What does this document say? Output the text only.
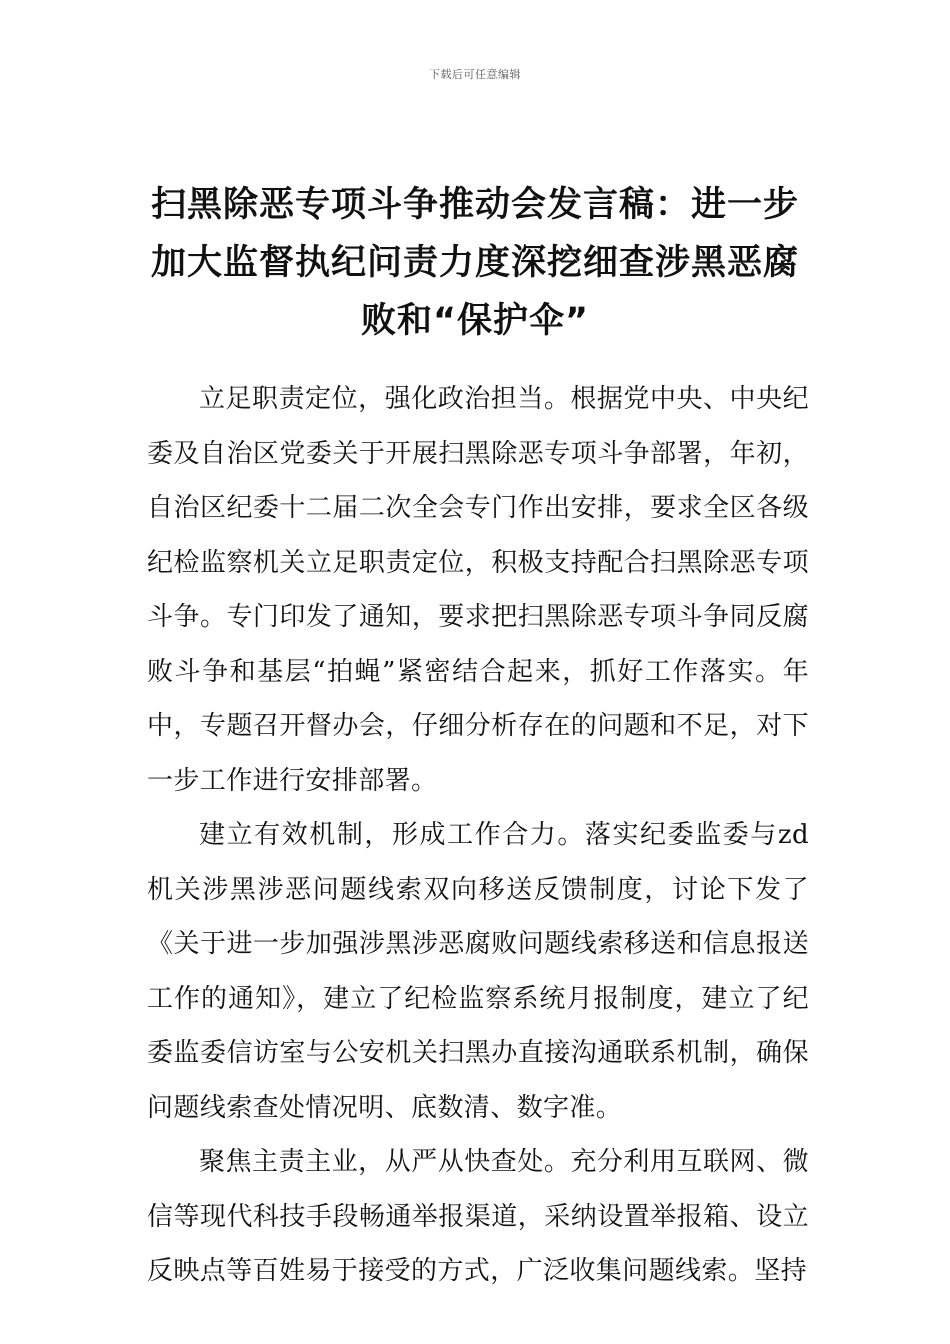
下载后可任意编辑
扫黑除恶专项斗争推动会发言稿：进一步加大监督执纪问责力度深挖细查涉黑恶腐败和“保护伞”

立足职责定位，强化政治担当。根据党中央、中央纪委及自治区党委关于开展扫黑除恶专项斗争部署，年初，自治区纪委十二届二次全会专门作出安排，要求全区各级纪检监察机关立足职责定位，积极支持配合扫黑除恶专项斗争。专门印发了通知，要求把扫黑除恶专项斗争同反腐败斗争和基层“拍蝇”紧密结合起来，抓好工作落实。年中，专题召开督办会，仔细分析存在的问题和不足，对下一步工作进行安排部署。

建立有效机制，形成工作合力。落实纪委监委与zd机关涉黑涉恶问题线索双向移送反馈制度，讨论下发了《关于进一步加强涉黑涉恶腐败问题线索移送和信息报送工作的通知》，建立了纪检监察系统月报制度，建立了纪委监委信访室与公安机关扫黑办直接沟通联系机制，确保问题线索查处情况明、底数清、数字准。

聚焦主责主业，从严从快查处。充分利用互联网、微信等现代科技手段畅通举报渠道，采纳设置举报箱、设立反映点等百姓易于接受的方式，广泛收集问题线索。坚持
